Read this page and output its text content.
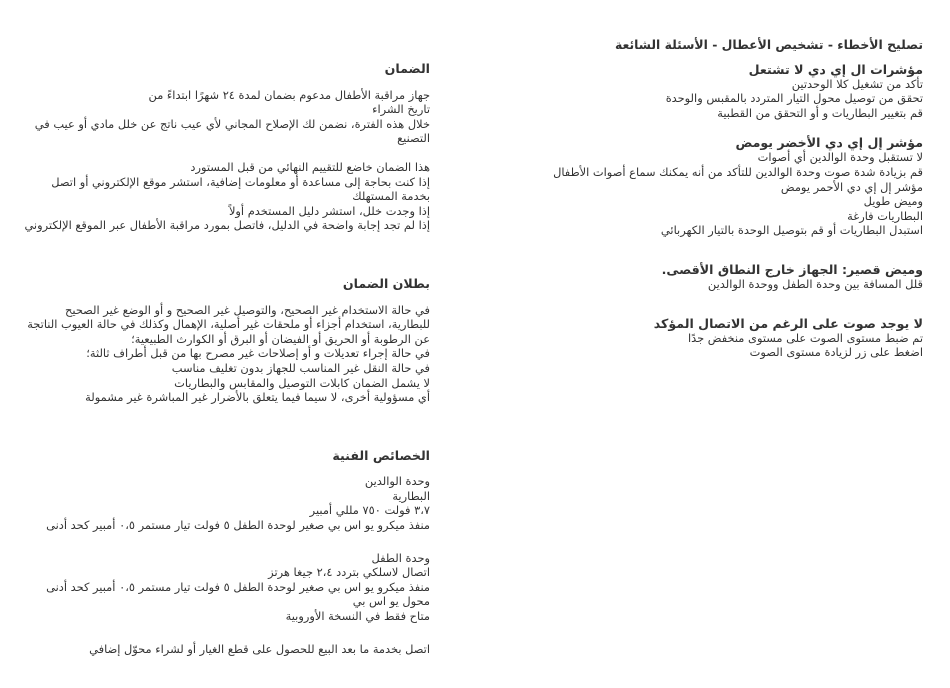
تصليح الأخطاء - تشخيص الأعطال - الأسئلة الشائعة
مؤشرات ال إي دي لا تشتعل
تأكد من تشغيل كلا الوحدتين
تحقق من توصيل محول التيار المتردد بالمقبس والوحدة
قم بتغيير البطاريات و أو التحقق من القطبية
مؤشر إل إي دي الأخضر يومض
لا تستقبل وحدة الوالدين أي أصوات
قم بزيادة شدة صوت وحدة الوالدين للتأكد من أنه يمكنك سماع أصوات الأطفال
مؤشر إل إي دي الأحمر يومض
وميض طويل
البطاريات فارغة
استبدل البطاريات أو قم بتوصيل الوحدة بالتيار الكهربائي
وميض قصير: الجهاز خارج النطاق الأقصى.
قلل المسافة بين وحدة الطفل ووحدة الوالدين
لا يوجد صوت على الرغم من الاتصال المؤكد
تم ضبط مستوى الصوت على مستوى منخفض جدًا
اضغط على زر لزيادة مستوى الصوت
الضمان
جهاز مراقبة الأطفال مدعوم بضمان لمدة ٢٤ شهرًا ابتداءً من
تاريخ الشراء
خلال هذه الفترة، نضمن لك الإصلاح المجاني لأي عيب ناتج عن خلل مادي أو عيب في
التصنيع
هذا الضمان خاضع للتقييم النهائي من قبل المستورد
إذا كنت بحاجة إلى مساعدة أو معلومات إضافية، استشر موقع الإلكتروني أو اتصل
بخدمة المستهلك
إذا وجدت خلل، استشر دليل المستخدم أولاً
إذا لم تجد إجابة واضحة في الدليل، فاتصل بمورد مراقبة الأطفال عبر الموقع الإلكتروني
بطلان الضمان
في حالة الاستخدام غير الصحيح، والتوصيل غير الصحيح و أو الوضع غير الصحيح
للبطارية، استخدام أجزاء أو ملحقات غير أصلية، الإهمال وكذلك في حالة العيوب الناتجة
عن الرطوبة أو الحريق أو الفيضان أو البرق أو الكوارث الطبيعية؛
في حالة إجراء تعديلات و أو إصلاحات غير مصرح بها من قبل أطراف ثالثة؛
في حالة النقل غير المناسب للجهاز بدون تغليف مناسب
لا يشمل الضمان كابلات التوصيل والمقابس والبطاريات
أي مسؤولية أخرى، لا سيما فيما يتعلق بالأضرار غير المباشرة غير مشمولة
الخصائص الفنية
وحدة الوالدين
البطارية
٣،٧ فولت ٧٥٠ مللي أمبير
منفذ ميكرو يو اس بي صغير لوحدة الطفل ٥ فولت تيار مستمر ٠،٥ أمبير كحد أدنى
وحدة الطفل
اتصال لاسلكي بتردد ٢،٤ جيغا هرتز
منفذ ميكرو يو اس بي صغير لوحدة الطفل ٥ فولت تيار مستمر ٠،٥ أمبير كحد أدنى
محول يو اس بي
متاح فقط في النسخة الأوروبية
اتصل بخدمة ما بعد البيع للحصول على قطع الغيار أو لشراء محوّل إضافي
